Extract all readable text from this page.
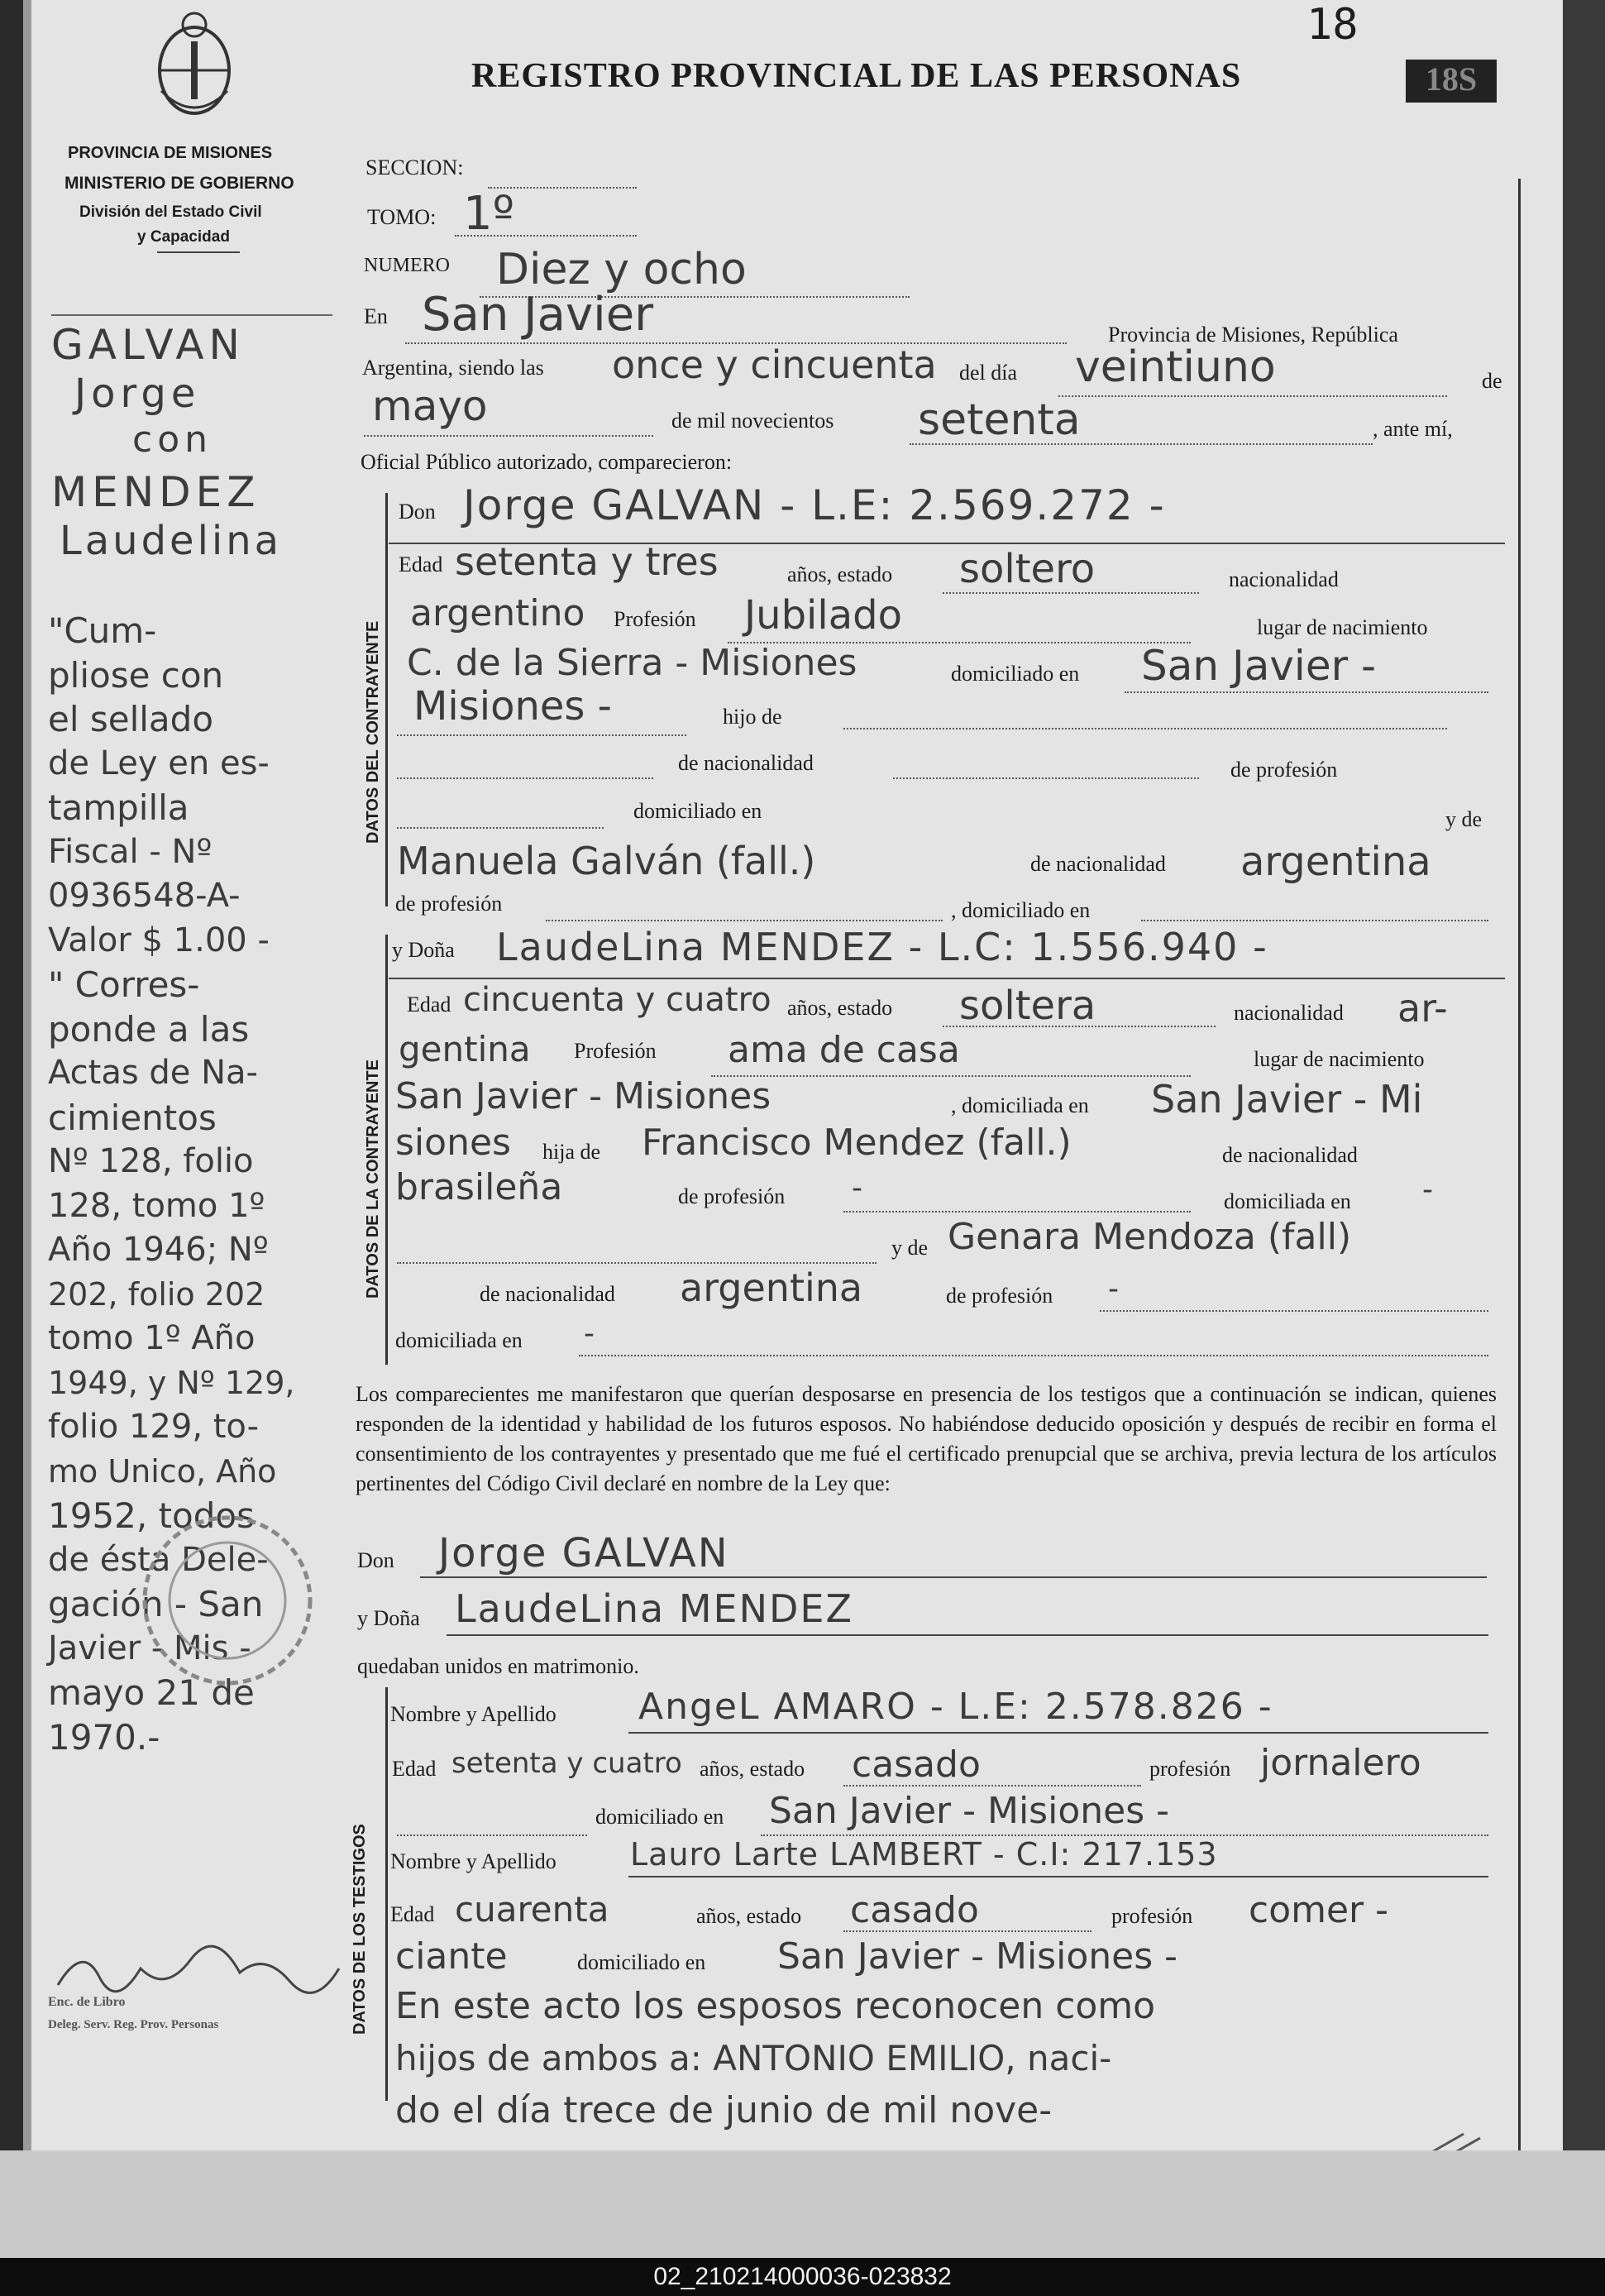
18
REGISTRO PROVINCIAL DE LAS PERSONAS	18S
PROVINCIA DE MISIONES
MINISTERIO DE GOBIERNO
División del Estado Civil
y Capacidad
GALVAN
Jorge
con
MENDEZ
Laudelina
"Cum-
pliose con
el sellado
de Ley en es-
tampilla
Fiscal - Nº
0936548-A-
Valor $ 1.00 -
" Corres-
ponde a las
Actas de Na-
cimientos
Nº 128, folio
128, tomo 1º
Año 1946; Nº
202, folio 202
tomo 1º Año
1949, y Nº 129,
folio 129, to-
mo Unico, Año
1952, todos
de ésta Dele-
gación - San
Javier - Mis -
mayo 21 de
1970.-
Enc. de Libro
Deleg. Serv. Reg. Prov. Personas
SECCION:
TOMO: 1º
NUMERO Diez y ocho
En San Javier	Provincia de Misiones, República
Argentina, siendo las once y cincuenta del día veintiuno	de
mayo	de mil novecientos setenta	, ante mí,
Oficial Público autorizado, comparecieron:
DATOS DEL CONTRAYENTE
Don Jorge GALVAN - L.E: 2.569.272 -
Edad setenta y tres	años, estado soltero	nacionalidad
argentino Profesión Jubilado	lugar de nacimiento
C. de la Sierra - Misiones	domiciliado en San Javier -
Misiones -	hijo de
de nacionalidad	de profesión
domiciliado en	y de
Manuela Galván (fall.)	de nacionalidad argentina
de profesión	, domiciliado en
DATOS DE LA CONTRAYENTE
y Doña LaudeLina MENDEZ - L.C: 1.556.940 -
Edad cincuenta y cuatro años, estado soltera	nacionalidad ar-
gentina Profesión ama de casa	lugar de nacimiento
San Javier - Misiones	, domiciliada en San Javier - Mi
siones hija de Francisco Mendez (fall.)	de nacionalidad
brasileña	de profesión -	domiciliada en -
y de Genara Mendoza (fall)
de nacionalidad argentina	de profesión -
domiciliada en -
Los comparecientes me manifestaron que querían desposarse en presencia de los testigos que a continuación se indican, quienes responden de la identidad y habilidad de los futuros esposos. No habiéndose deducido oposición y después de recibir en forma el consentimiento de los contrayentes y presentado que me fué el certificado prenupcial que se archiva, previa lectura de los artículos pertinentes del Código Civil declaré en nombre de la Ley que:
Don Jorge GALVAN
y Doña LaudeLina MENDEZ
quedaban unidos en matrimonio.
DATOS DE LOS TESTIGOS
Nombre y Apellido AngeL AMARO - L.E: 2.578.826 -
Edad setenta y cuatro años, estado casado	profesión jornalero
domiciliado en San Javier - Misiones -
Nombre y Apellido Lauro Larte LAMBERT - C.I: 217.153
Edad cuarenta	años, estado casado	profesión comer -
ciante	domiciliado en San Javier - Misiones -
En este acto los esposos reconocen como
hijos de ambos a: ANTONIO EMILIO, naci-
do el día trece de junio de mil nove-
02_210214000036-023832
